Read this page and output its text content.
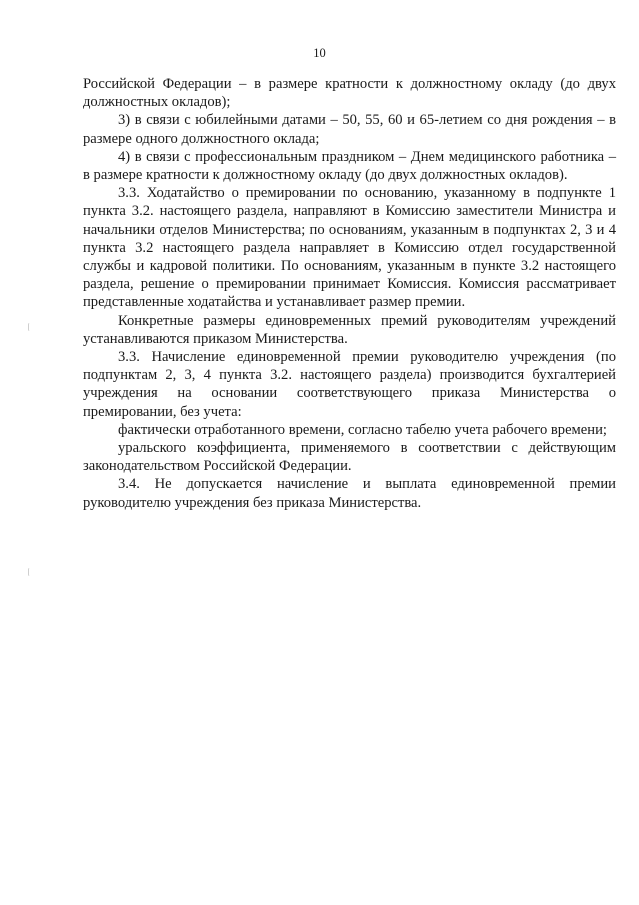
10

Российской Федерации – в размере кратности к должностному окладу (до двух должностных окладов);

3) в связи с юбилейными датами – 50, 55, 60 и 65-летием со дня рождения – в размере одного должностного оклада;

4) в связи с профессиональным праздником – Днем медицинского работника – в размере кратности к должностному окладу (до двух должностных окладов).

3.3. Ходатайство о премировании по основанию, указанному в подпункте 1 пункта 3.2. настоящего раздела, направляют в Комиссию заместители Министра и начальники отделов Министерства; по основаниям, указанным в подпунктах 2, 3 и 4 пункта 3.2 настоящего раздела направляет в Комиссию отдел государственной службы и кадровой политики. По основаниям, указанным в пункте 3.2 настоящего раздела, решение о премировании принимает Комиссия. Комиссия рассматривает представленные ходатайства и устанавливает размер премии.

Конкретные размеры единовременных премий руководителям учреждений устанавливаются приказом Министерства.

3.3. Начисление единовременной премии руководителю учреждения (по подпунктам 2, 3, 4 пункта 3.2. настоящего раздела) производится бухгалтерией учреждения на основании соответствующего приказа Министерства о премировании, без учета:

фактически отработанного времени, согласно табелю учета рабочего времени;

уральского коэффициента, применяемого в соответствии с действующим законодательством Российской Федерации.

3.4. Не допускается начисление и выплата единовременной премии руководителю учреждения без приказа Министерства.
